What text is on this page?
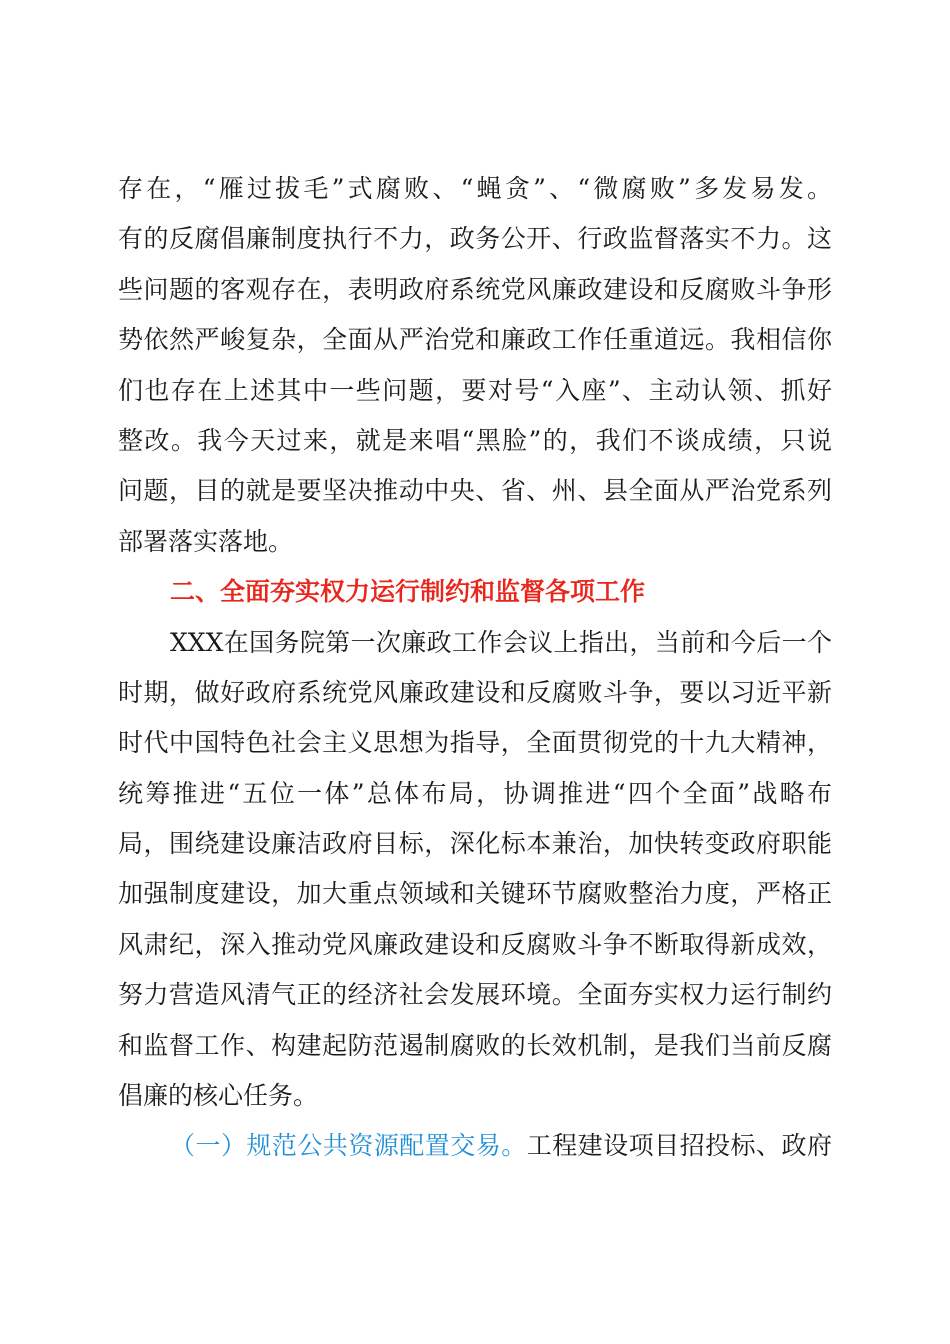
存在，“雁过拔毛”式腐败、“蝇贪”、“微腐败”多发易发。
有的反腐倡廉制度执行不力，政务公开、行政监督落实不力。这
些问题的客观存在，表明政府系统党风廉政建设和反腐败斗争形
势依然严峻复杂，全面从严治党和廉政工作任重道远。我相信你
们也存在上述其中一些问题，要对号“入座”、主动认领、抓好
整改。我今天过来，就是来唱“黑脸”的，我们不谈成绩，只说
问题，目的就是要坚决推动中央、省、州、县全面从严治党系列
部署落实落地。
二、全面夯实权力运行制约和监督各项工作
XXX在国务院第一次廉政工作会议上指出，当前和今后一个
时期，做好政府系统党风廉政建设和反腐败斗争，要以习近平新
时代中国特色社会主义思想为指导，全面贯彻党的十九大精神，
统筹推进“五位一体”总体布局，协调推进“四个全面”战略布
局，围绕建设廉洁政府目标，深化标本兼治，加快转变政府职能
加强制度建设，加大重点领域和关键环节腐败整治力度，严格正
风肃纪，深入推动党风廉政建设和反腐败斗争不断取得新成效，
努力营造风清气正的经济社会发展环境。全面夯实权力运行制约
和监督工作、构建起防范遏制腐败的长效机制，是我们当前反腐
倡廉的核心任务。
（一）规范公共资源配置交易。工程建设项目招投标、政府
